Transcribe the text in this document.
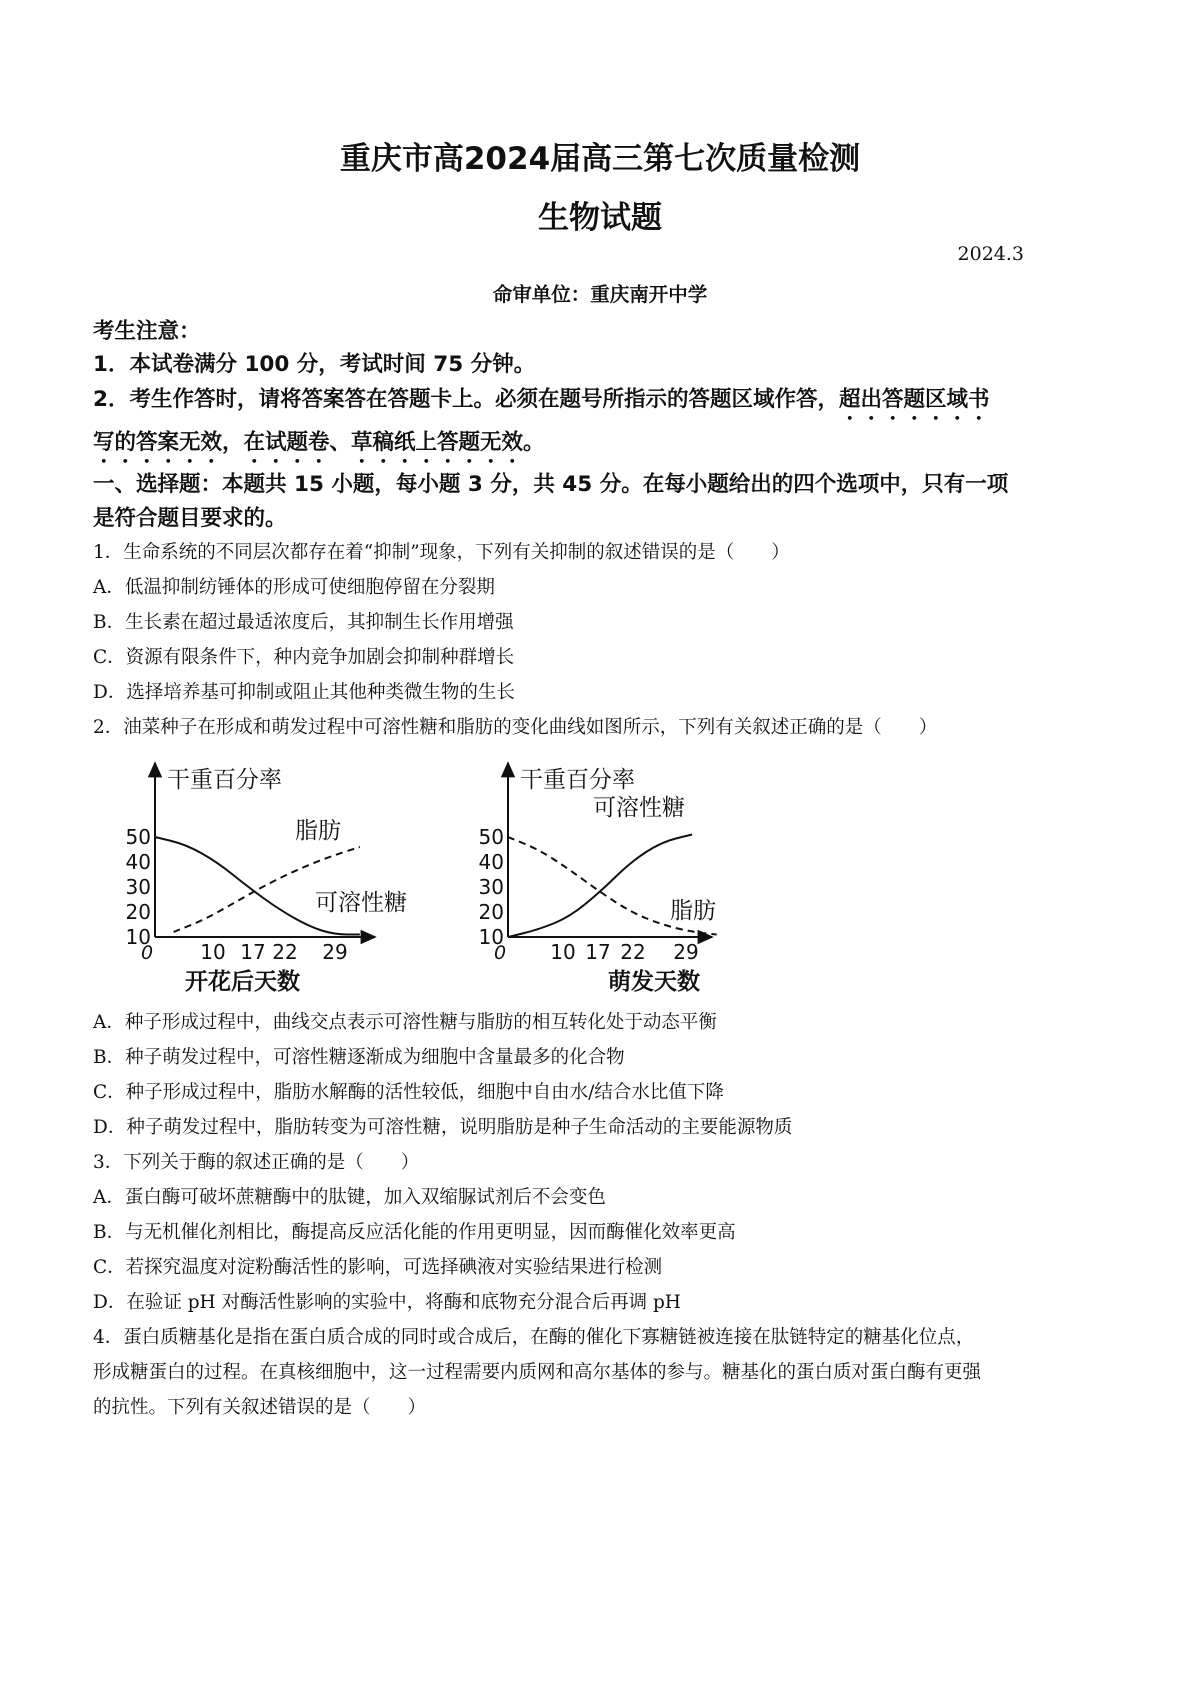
重庆市高2024届高三第七次质量检测
生物试题
2024.3
命审单位：重庆南开中学
考生注意：
1．本试卷满分 100 分，考试时间 75 分钟。
2．考生作答时，请将答案答在答题卡上。必须在题号所指示的答题区域作答，超出答题区域书
写的答案无效，在试题卷、草稿纸上答题无效。
一、选择题：本题共 15 小题，每小题 3 分，共 45 分。在每小题给出的四个选项中，只有一项
是符合题目要求的。
1．生命系统的不同层次都存在着“抑制”现象，下列有关抑制的叙述错误的是（　　）
A．低温抑制纺锤体的形成可使细胞停留在分裂期
B．生长素在超过最适浓度后，其抑制生长作用增强
C．资源有限条件下，种内竞争加剧会抑制种群增长
D．选择培养基可抑制或阻止其他种类微生物的生长
2．油菜种子在形成和萌发过程中可溶性糖和脂肪的变化曲线如图所示，下列有关叙述正确的是（　　）
干重百分率
开花后天数
10
20
30
40
50
0 10 17 22 29
可溶性糖
脂肪
干重百分率
萌发天数
10
20
30
40
50
0 10 17 22 29
可溶性糖
脂肪
A．种子形成过程中，曲线交点表示可溶性糖与脂肪的相互转化处于动态平衡
B．种子萌发过程中，可溶性糖逐渐成为细胞中含量最多的化合物
C．种子形成过程中，脂肪水解酶的活性较低，细胞中自由水/结合水比值下降
D．种子萌发过程中，脂肪转变为可溶性糖，说明脂肪是种子生命活动的主要能源物质
3．下列关于酶的叙述正确的是（　　）
A．蛋白酶可破坏蔗糖酶中的肽键，加入双缩脲试剂后不会变色
B．与无机催化剂相比，酶提高反应活化能的作用更明显，因而酶催化效率更高
C．若探究温度对淀粉酶活性的影响，可选择碘液对实验结果进行检测
D．在验证 pH 对酶活性影响的实验中，将酶和底物充分混合后再调 pH
4．蛋白质糖基化是指在蛋白质合成的同时或合成后，在酶的催化下寡糖链被连接在肽链特定的糖基化位点，
形成糖蛋白的过程。在真核细胞中，这一过程需要内质网和高尔基体的参与。糖基化的蛋白质对蛋白酶有更强
的抗性。下列有关叙述错误的是（　　）
